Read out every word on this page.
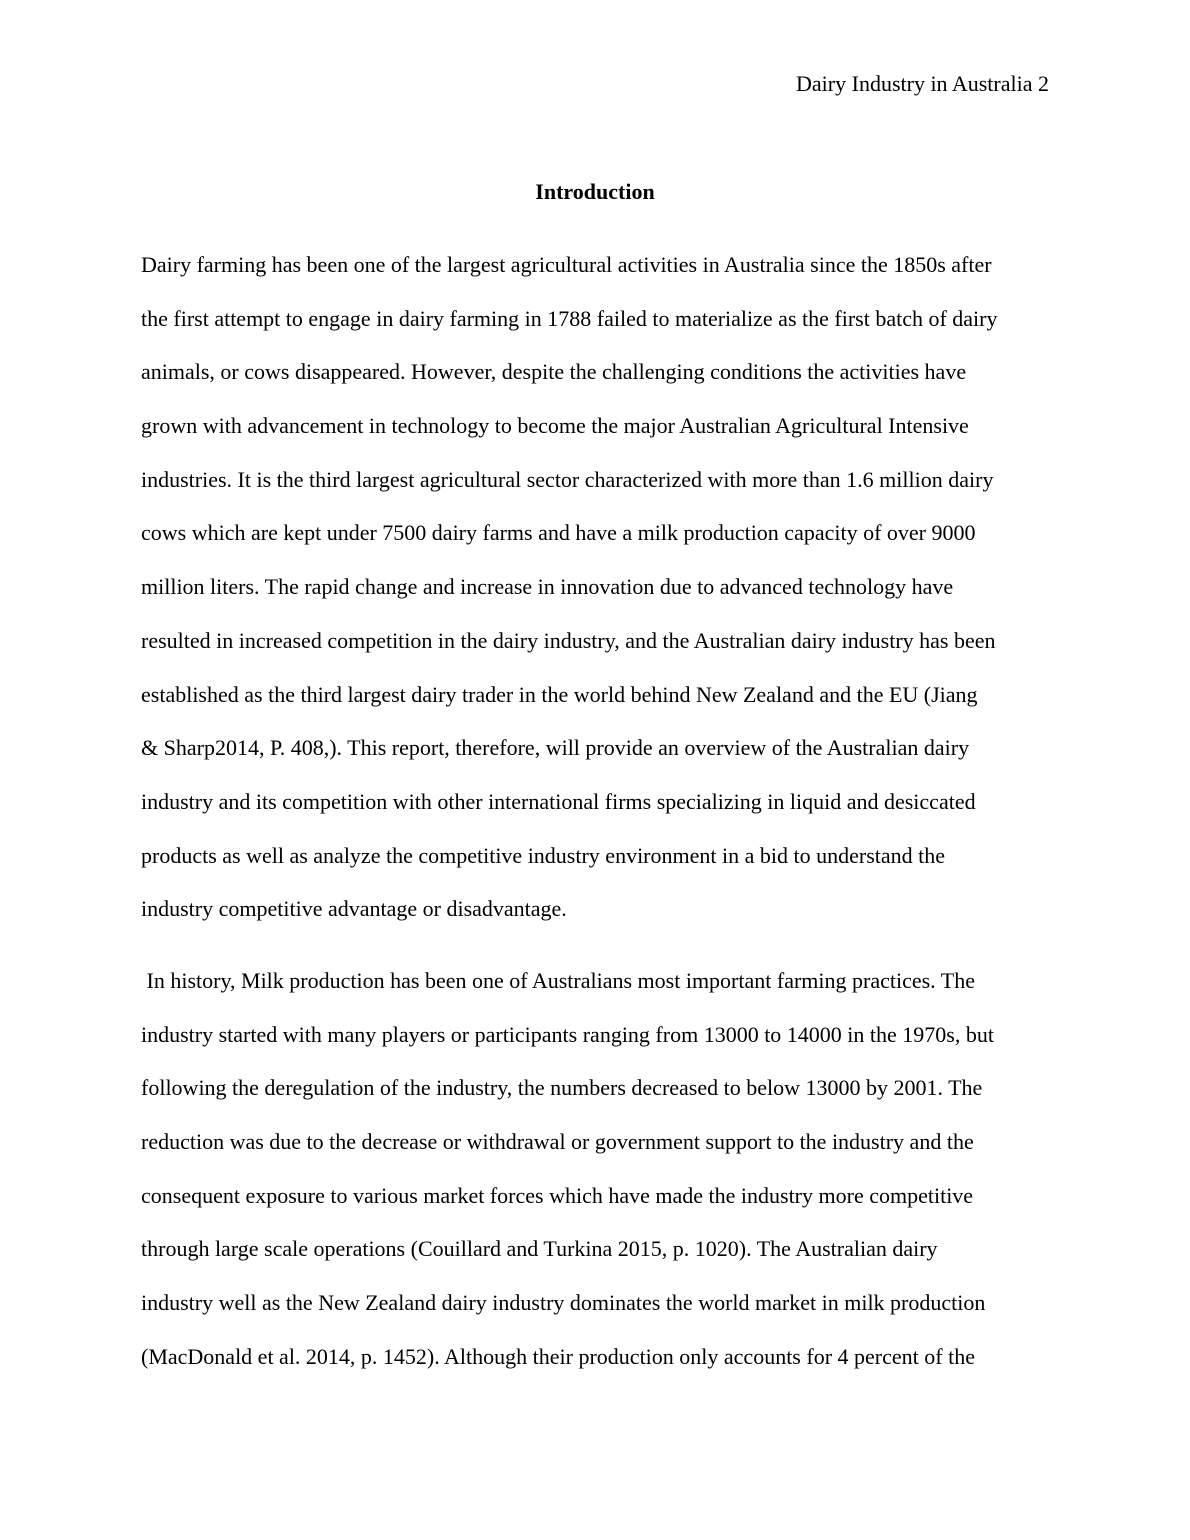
Dairy Industry in Australia 2
Introduction
Dairy farming has been one of the largest agricultural activities in Australia since the 1850s after
the first attempt to engage in dairy farming in 1788 failed to materialize as the first batch of dairy
animals, or cows disappeared. However, despite the challenging conditions the activities have
grown with advancement in technology to become the major Australian Agricultural Intensive
industries. It is the third largest agricultural sector characterized with more than 1.6 million dairy
cows which are kept under 7500 dairy farms and have a milk production capacity of over 9000
million liters. The rapid change and increase in innovation due to advanced technology have
resulted in increased competition in the dairy industry, and the Australian dairy industry has been
established as the third largest dairy trader in the world behind New Zealand and the EU (Jiang
& Sharp2014, P. 408,). This report, therefore, will provide an overview of the Australian dairy
industry and its competition with other international firms specializing in liquid and desiccated
products as well as analyze the competitive industry environment in a bid to understand the
industry competitive advantage or disadvantage.
In history, Milk production has been one of Australians most important farming practices. The
industry started with many players or participants ranging from 13000 to 14000 in the 1970s, but
following the deregulation of the industry, the numbers decreased to below 13000 by 2001. The
reduction was due to the decrease or withdrawal or government support to the industry and the
consequent exposure to various market forces which have made the industry more competitive
through large scale operations (Couillard and Turkina 2015, p. 1020). The Australian dairy
industry well as the New Zealand dairy industry dominates the world market in milk production
(MacDonald et al. 2014, p. 1452). Although their production only accounts for 4 percent of the
